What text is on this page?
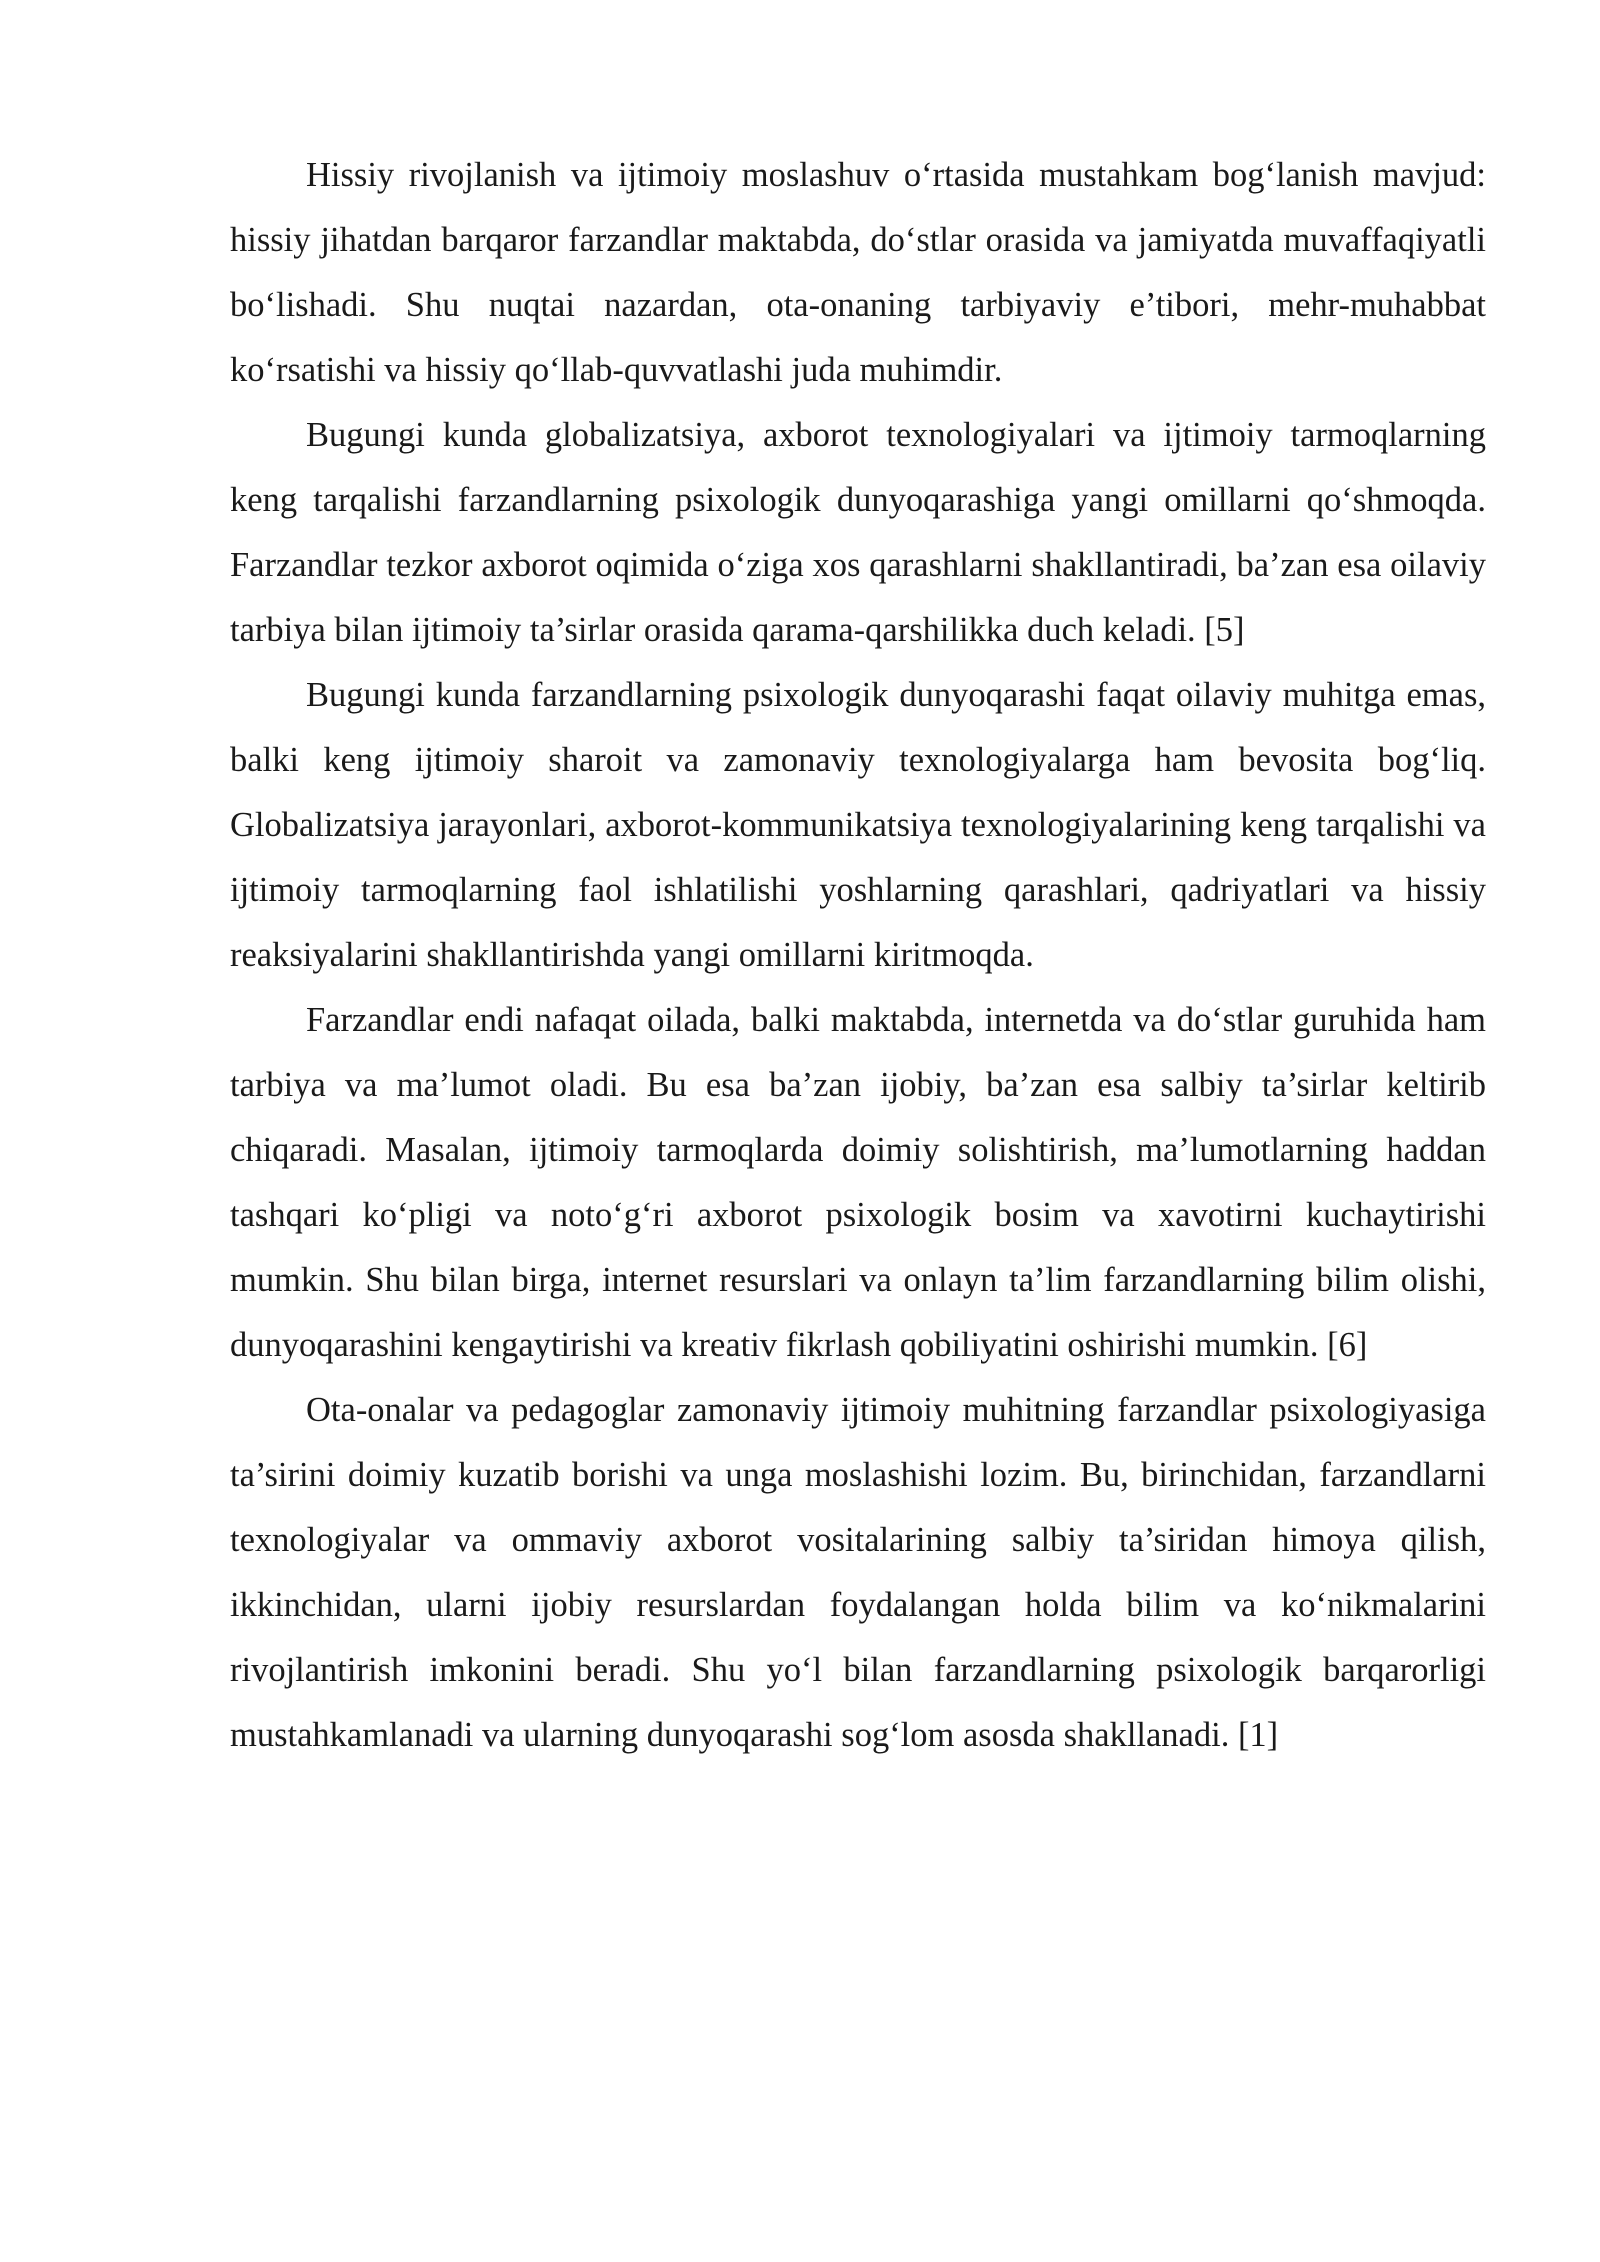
Hissiy rivojlanish va ijtimoiy moslashuv o‘rtasida mustahkam bog‘lanish mavjud: hissiy jihatdan barqaror farzandlar maktabda, do‘stlar orasida va jamiyatda muvaffaqiyatli bo‘lishadi. Shu nuqtai nazardan, ota-onaning tarbiyaviy e’tibori, mehr-muhabbat ko‘rsatishi va hissiy qo‘llab-quvvatlashi juda muhimdir.

Bugungi kunda globalizatsiya, axborot texnologiyalari va ijtimoiy tarmoqlarning keng tarqalishi farzandlarning psixologik dunyoqarashiga yangi omillarni qo‘shmoqda. Farzandlar tezkor axborot oqimida o‘ziga xos qarashlarni shakllantiradi, ba’zan esa oilaviy tarbiya bilan ijtimoiy ta’sirlar orasida qarama-qarshilikka duch keladi. [5]

Bugungi kunda farzandlarning psixologik dunyoqarashi faqat oilaviy muhitga emas, balki keng ijtimoiy sharoit va zamonaviy texnologiyalarga ham bevosita bog‘liq. Globalizatsiya jarayonlari, axborot-kommunikatsiya texnologiyalarining keng tarqalishi va ijtimoiy tarmoqlarning faol ishlatilishi yoshlarning qarashlari, qadriyatlari va hissiy reaksiyalarini shakllantirishda yangi omillarni kiritmoqda.

Farzandlar endi nafaqat oilada, balki maktabda, internetda va do‘stlar guruhida ham tarbiya va ma’lumot oladi. Bu esa ba’zan ijobiy, ba’zan esa salbiy ta’sirlar keltirib chiqaradi. Masalan, ijtimoiy tarmoqlarda doimiy solishtirish, ma’lumotlarning haddan tashqari ko‘pligi va noto‘g‘ri axborot psixologik bosim va xavotirni kuchaytirishi mumkin. Shu bilan birga, internet resurslari va onlayn ta’lim farzandlarning bilim olishi, dunyoqarashini kengaytirishi va kreativ fikrlash qobiliyatini oshirishi mumkin. [6]

Ota-onalar va pedagoglar zamonaviy ijtimoiy muhitning farzandlar psixologiyasiga ta’sirini doimiy kuzatib borishi va unga moslashishi lozim. Bu, birinchidan, farzandlarni texnologiyalar va ommaviy axborot vositalarining salbiy ta’siridan himoya qilish, ikkinchidan, ularni ijobiy resurslardan foydalangan holda bilim va ko‘nikmalarini rivojlantirish imkonini beradi. Shu yo‘l bilan farzandlarning psixologik barqarorligi mustahkamlanadi va ularning dunyoqarashi sog‘lom asosda shakllanadi. [1]
